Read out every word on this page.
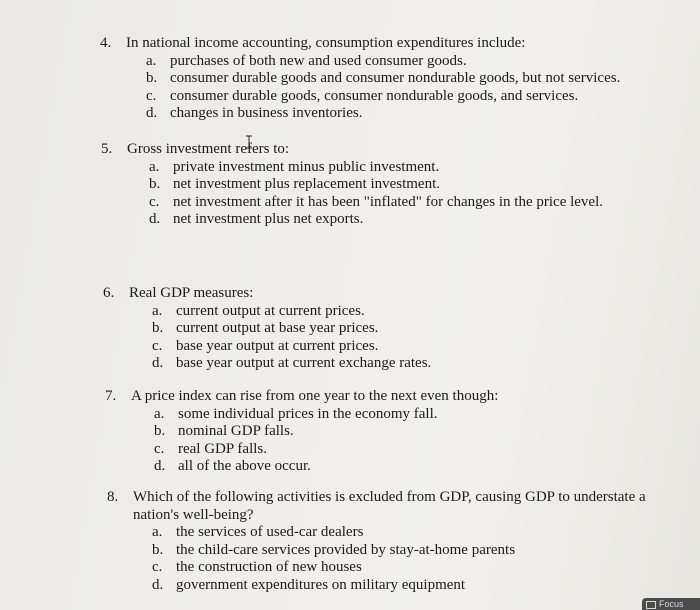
4. In national income accounting, consumption expenditures include:
a. purchases of both new and used consumer goods.
b. consumer durable goods and consumer nondurable goods, but not services.
c. consumer durable goods, consumer nondurable goods, and services.
d. changes in business inventories.
5. Gross investment refers to:
a. private investment minus public investment.
b. net investment plus replacement investment.
c. net investment after it has been "inflated" for changes in the price level.
d. net investment plus net exports.
6. Real GDP measures:
a. current output at current prices.
b. current output at base year prices.
c. base year output at current prices.
d. base year output at current exchange rates.
7. A price index can rise from one year to the next even though:
a. some individual prices in the economy fall.
b. nominal GDP falls.
c. real GDP falls.
d. all of the above occur.
8. Which of the following activities is excluded from GDP, causing GDP to understate a nation's well-being?
a. the services of used-car dealers
b. the child-care services provided by stay-at-home parents
c. the construction of new houses
d. government expenditures on military equipment
Focus
